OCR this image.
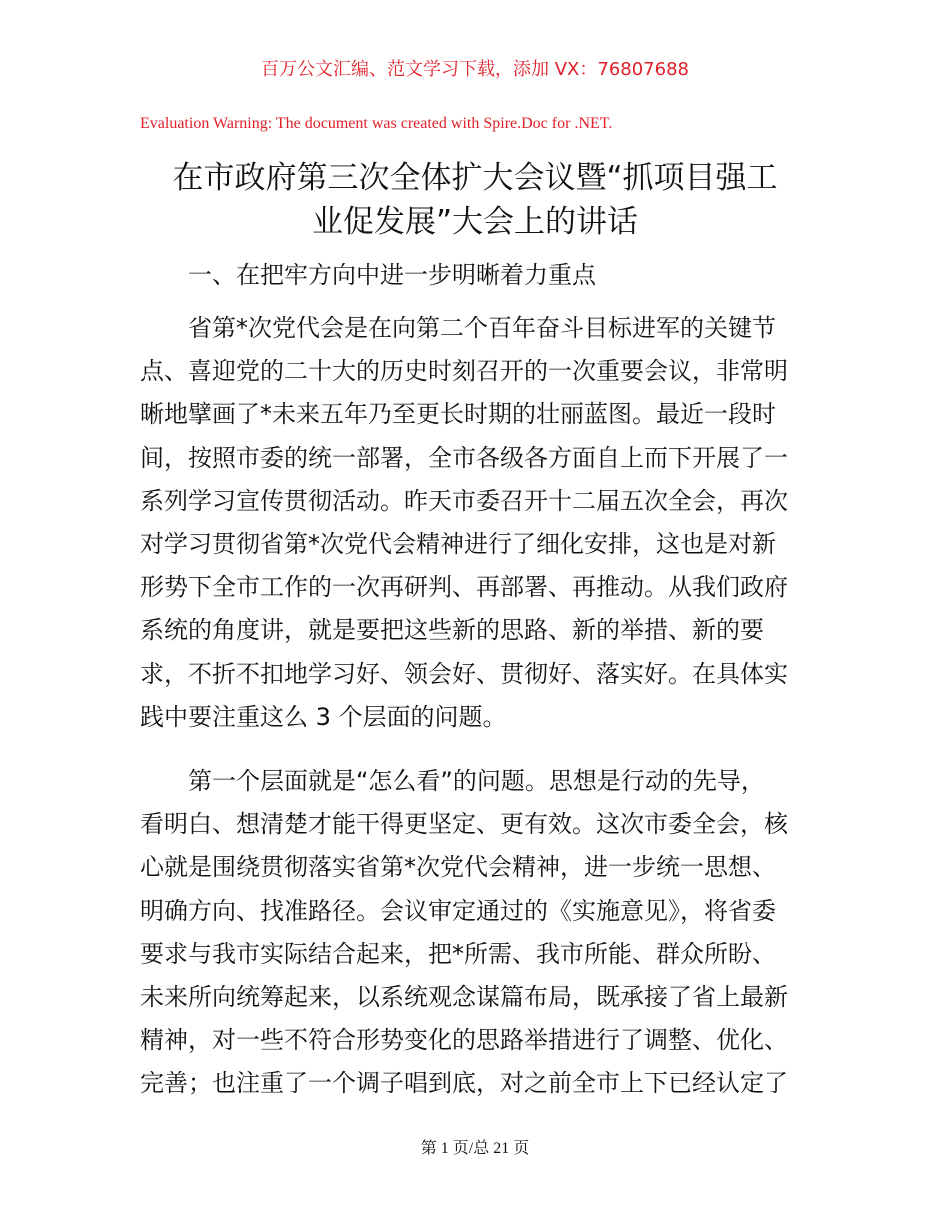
百万公文汇编、范文学习下载，添加 VX：76807688
Evaluation Warning: The document was created with Spire.Doc for .NET.
在市政府第三次全体扩大会议暨“抓项目强工
业促发展”大会上的讲话
一、在把牢方向中进一步明晰着力重点
省第*次党代会是在向第二个百年奋斗目标进军的关键节
点、喜迎党的二十大的历史时刻召开的一次重要会议，非常明
晰地擘画了*未来五年乃至更长时期的壮丽蓝图。最近一段时
间，按照市委的统一部署，全市各级各方面自上而下开展了一
系列学习宣传贯彻活动。昨天市委召开十二届五次全会，再次
对学习贯彻省第*次党代会精神进行了细化安排，这也是对新
形势下全市工作的一次再研判、再部署、再推动。从我们政府
系统的角度讲，就是要把这些新的思路、新的举措、新的要
求，不折不扣地学习好、领会好、贯彻好、落实好。在具体实
践中要注重这么 3 个层面的问题。
第一个层面就是“怎么看”的问题。思想是行动的先导，
看明白、想清楚才能干得更坚定、更有效。这次市委全会，核
心就是围绕贯彻落实省第*次党代会精神，进一步统一思想、
明确方向、找准路径。会议审定通过的《实施意见》，将省委
要求与我市实际结合起来，把*所需、我市所能、群众所盼、
未来所向统筹起来，以系统观念谋篇布局，既承接了省上最新
精神，对一些不符合形势变化的思路举措进行了调整、优化、
完善；也注重了一个调子唱到底，对之前全市上下已经认定了
第 1 页/总 21 页
